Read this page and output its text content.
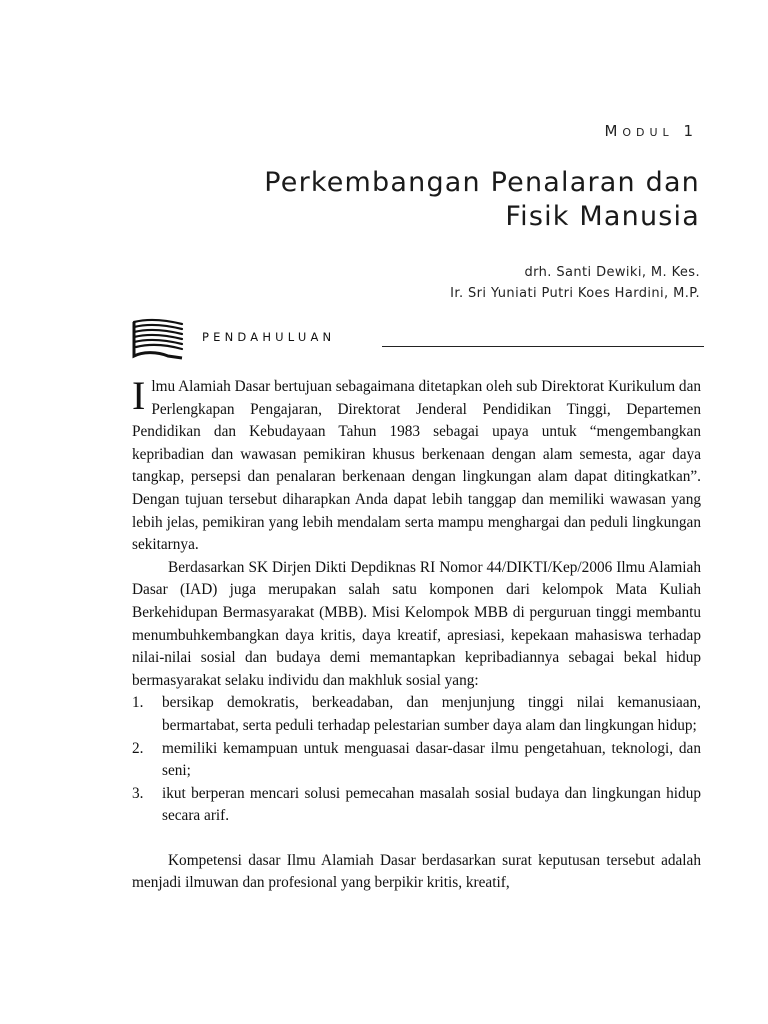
Modul 1
Perkembangan Penalaran dan
Fisik Manusia
drh. Santi Dewiki, M. Kes.
Ir. Sri Yuniati Putri Koes Hardini, M.P.
PENDAHULUAN

I lmu Alamiah Dasar bertujuan sebagaimana ditetapkan oleh sub Direktorat Kurikulum dan Perlengkapan Pengajaran, Direktorat Jenderal Pendidikan Tinggi, Departemen Pendidikan dan Kebudayaan Tahun 1983 sebagai upaya untuk “mengembangkan kepribadian dan wawasan pemikiran khusus berkenaan dengan alam semesta, agar daya tangkap, persepsi dan penalaran berkenaan dengan lingkungan alam dapat ditingkatkan”. Dengan tujuan tersebut diharapkan Anda dapat lebih tanggap dan memiliki wawasan yang lebih jelas, pemikiran yang lebih mendalam serta mampu menghargai dan peduli lingkungan sekitarnya.

Berdasarkan SK Dirjen Dikti Depdiknas RI Nomor 44/DIKTI/Kep/2006 Ilmu Alamiah Dasar (IAD) juga merupakan salah satu komponen dari kelompok Mata Kuliah Berkehidupan Bermasyarakat (MBB). Misi Kelompok MBB di perguruan tinggi membantu menumbuhkembangkan daya kritis, daya kreatif, apresiasi, kepekaan mahasiswa terhadap nilai-nilai sosial dan budaya demi memantapkan kepribadiannya sebagai bekal hidup bermasyarakat selaku individu dan makhluk sosial yang:

1. bersikap demokratis, berkeadaban, dan menjunjung tinggi nilai kemanusiaan, bermartabat, serta peduli terhadap pelestarian sumber daya alam dan lingkungan hidup;
2. memiliki kemampuan untuk menguasai dasar-dasar ilmu pengetahuan, teknologi, dan seni;
3. ikut berperan mencari solusi pemecahan masalah sosial budaya dan lingkungan hidup secara arif.

Kompetensi dasar Ilmu Alamiah Dasar berdasarkan surat keputusan tersebut adalah menjadi ilmuwan dan profesional yang berpikir kritis, kreatif,
